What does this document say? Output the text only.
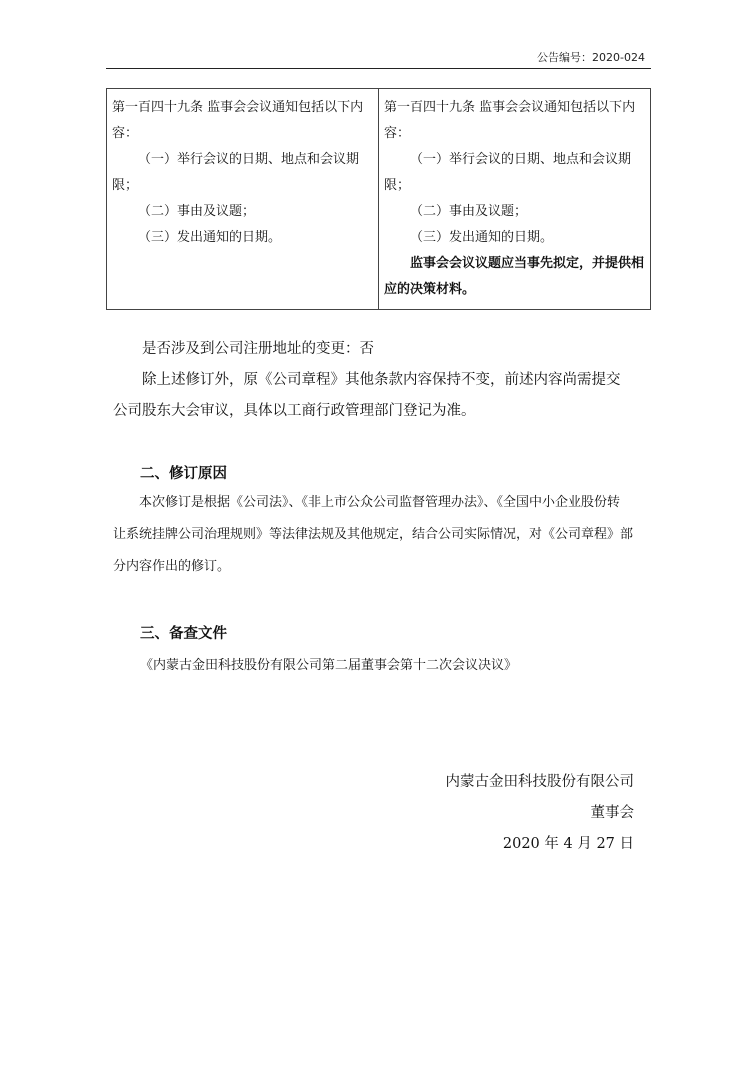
公告编号：2020-024
第一百四十九条 监事会会议通知包括以下内容：
（一）举行会议的日期、地点和会议期限；
（二）事由及议题；
（三）发出通知的日期。

第一百四十九条 监事会会议通知包括以下内容：
（一）举行会议的日期、地点和会议期限；
（二）事由及议题；
（三）发出通知的日期。
监事会会议议题应当事先拟定，并提供相应的决策材料。
是否涉及到公司注册地址的变更：否
除上述修订外，原《公司章程》其他条款内容保持不变，前述内容尚需提交
公司股东大会审议，具体以工商行政管理部门登记为准。
二、修订原因
本次修订是根据《公司法》、《非上市公众公司监督管理办法》、《全国中小企业股份转
让系统挂牌公司治理规则》等法律法规及其他规定，结合公司实际情况，对《公司章程》部
分内容作出的修订。
三、备查文件
《内蒙古金田科技股份有限公司第二届董事会第十二次会议决议》
内蒙古金田科技股份有限公司
董事会
2020 年 4 月 27 日
